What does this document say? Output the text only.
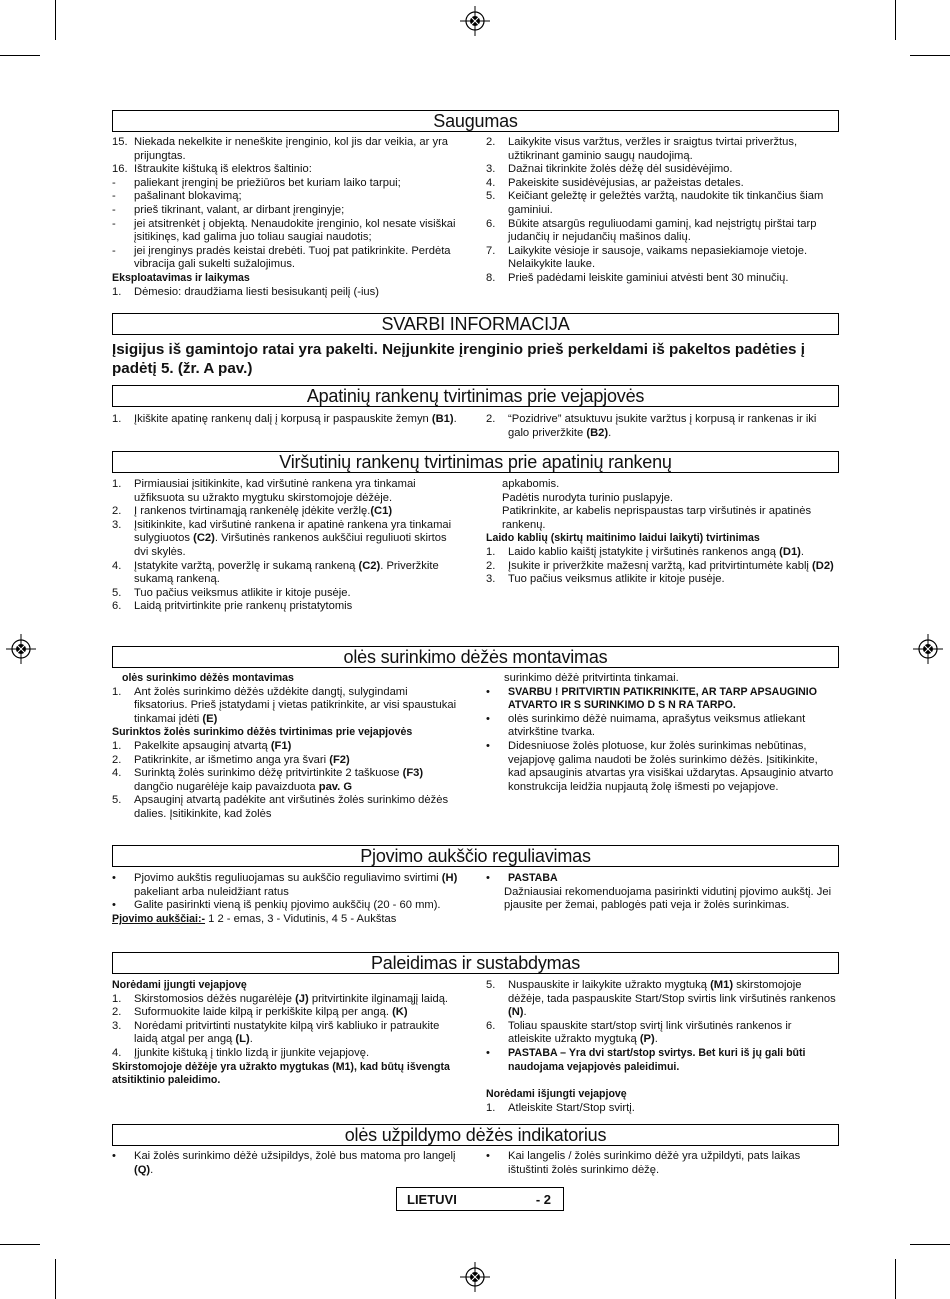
Saugumas
15. Niekada nekelkite ir neneškite įrenginio, kol jis dar veikia, ar yra prijungtas.
16. Ištraukite kištuką iš elektros šaltinio:
- paliekant įrenginį be priežiūros bet kuriam laiko tarpui;
- pašalinant blokavimą;
- prieš tikrinant, valant, ar dirbant įrenginyje;
- jei atsitrenkėt į objektą. Nenaudokite įrenginio, kol nesate visiškai įsitikinęs, kad galima juo toliau saugiai naudotis;
- jei įrenginys pradės keistai drebėti. Tuoj pat patikrinkite. Perdėta vibracija gali sukelti sužalojimus.
Eksploatavimas ir laikymas
1. Dėmesio: draudžiama liesti besisukantį peilį (-ius)
2. Laikykite visus varžtus, veržles ir sraigtus tvirtai priveržtus, užtikrinant gaminio saugų naudojimą.
3. Dažnai tikrinkite žolės dėžę dėl susidėvėjimo.
4. Pakeiskite susidėvėjusias, ar pažeistas detales.
5. Keičiant geležtę ir geležtės varžtą, naudokite tik tinkančius šiam gaminiui.
6. Būkite atsargūs reguliuodami gaminį, kad neįstrigtų pirštai tarp judančių ir nejudančių mašinos dalių.
7. Laikykite vėsioje ir sausoje, vaikams nepasiekiamoje vietoje. Nelaikykite lauke.
8. Prieš padėdami leiskite gaminiui atvėsti bent 30 minučių.
SVARBI INFORMACIJA
Įsigijus iš gamintojo ratai yra pakelti. Neįjunkite įrenginio prieš perkeldami iš pakeltos padėties į padėtį 5. (žr. A pav.)
Apatinių rankenų tvirtinimas prie vejapjovės
1. Įkiškite apatinę rankenų dalį į korpusą ir paspauskite žemyn (B1).	2. “Pozidrive” atsuktuvu įsukite varžtus į korpusą ir rankenas ir iki galo priveržkite (B2).
Viršutinių rankenų tvirtinimas prie apatinių rankenų
1. Pirmiausiai įsitikinkite, kad viršutinė rankena yra tinkamai užfiksuota su užrakto mygtuku skirstomojoje dėžėje.
2. Į rankenos tvirtinamąją rankenėlę įdėkite veržlę.(C1)
3. Įsitikinkite, kad viršutinė rankena ir apatinė rankena yra tinkamai sulygiuotos (C2). Viršutinės rankenos aukščiui reguliuoti skirtos dvi skylės.
4. Įstatykite varžtą, poveržlę ir sukamą rankeną (C2). Priveržkite sukamą rankeną.
5. Tuo pačius veiksmus atlikite ir kitoje pusėje.
6. Laidą pritvirtinkite prie rankenų pristatytomis
apkabomis.
Padėtis nurodyta turinio puslapyje.
Patikrinkite, ar kabelis neprispaustas tarp viršutinės ir apatinės rankenų.
Laido kablių (skirtų maitinimo laidui laikyti) tvirtinimas
1. Laido kablio kaištį įstatykite į viršutinės rankenos angą (D1).
2. Įsukite ir priveržkite mažesnį varžtą, kad pritvirtintumėte kablį (D2)
3. Tuo pačius veiksmus atlikite ir kitoje pusėje.
olės surinkimo dėžės montavimas
olės surinkimo dėžės montavimas
1. Ant žolės surinkimo dėžės uždėkite dangtį, sulygindami fiksatorius. Prieš įstatydami į vietas patikrinkite, ar visi spaustukai tinkamai įdėti (E)
Surinktos žolės surinkimo dėžės tvirtinimas prie vejapjovės
1. Pakelkite apsauginį atvartą (F1)
2. Patikrinkite, ar išmetimo anga yra švari (F2)
4. Surinktą žolės surinkimo dėžę pritvirtinkite 2 taškuose (F3) dangčio nugarėlėje kaip pavaizduota pav. G
5. Apsauginį atvartą padėkite ant viršutinės žolės surinkimo dėžės dalies. Įsitikinkite, kad žolės
surinkimo dėžė pritvirtinta tinkamai.
• SVARBU ! PRITVIRTIN PATIKRINKITE, AR TARP APSAUGINIO ATVARTO IR S SURINKIMO D S N RA TARPO.
• olės surinkimo dėžė nuimama, aprašytus veiksmus atliekant atvirkštine tvarka.
• Didesniuose žolės plotuose, kur žolės surinkimas nebūtinas, vejapjovę galima naudoti be žolės surinkimo dėžės. Įsitikinkite, kad apsauginis atvartas yra visiškai uždarytas. Apsauginio atvarto konstrukcija leidžia nupjautą žolę išmesti po vejapjove.
Pjovimo aukščio reguliavimas
• Pjovimo aukštis reguliuojamas su aukščio reguliavimo svirtimi (H) pakeliant arba nuleidžiant ratus
• Galite pasirinkti vieną iš penkių pjovimo aukščių (20 - 60 mm).
Pjovimo aukščiai:- 1 2 - emas, 3 - Vidutinis, 4 5 - Aukštas
• PASTABA
Dažniausiai rekomenduojama pasirinkti vidutinį pjovimo aukštį. Jei pjausite per žemai, pablogės pati veja ir žolės surinkimas.
Paleidimas ir sustabdymas
Norėdami įjungti vejapjovę
1. Skirstomosios dėžės nugarėlėje (J) pritvirtinkite ilginamąjį laidą.
2. Suformuokite laide kilpą ir perkiškite kilpą per angą. (K)
3. Norėdami pritvirtinti nustatykite kilpą virš kabliuko ir patraukite laidą atgal per angą (L).
4. Įjunkite kištuką į tinklo lizdą ir įjunkite vejapjovę.
Skirstomojoje dėžėje yra užrakto mygtukas (M1), kad būtų išvengta atsitiktinio paleidimo.
5. Nuspauskite ir laikykite užrakto mygtuką (M1) skirstomojoje dėžėje, tada paspauskite Start/Stop svirtis link viršutinės rankenos (N).
6. Toliau spauskite start/stop svirtį link viršutinės rankenos ir atleiskite užrakto mygtuką (P).
• PASTABA – Yra dvi start/stop svirtys. Bet kuri iš jų gali būti naudojama vejapjovės paleidimui.
Norėdami išjungti vejapjovę
1. Atleiskite Start/Stop svirtį.
olės užpildymo dėžės indikatorius
• Kai žolės surinkimo dėžė užsipildys, žolė bus matoma pro langelį (Q).
• Kai langelis / žolės surinkimo dėžė yra užpildyti, pats laikas ištuštinti žolės surinkimo dėžę.
LIETUVI	- 2
